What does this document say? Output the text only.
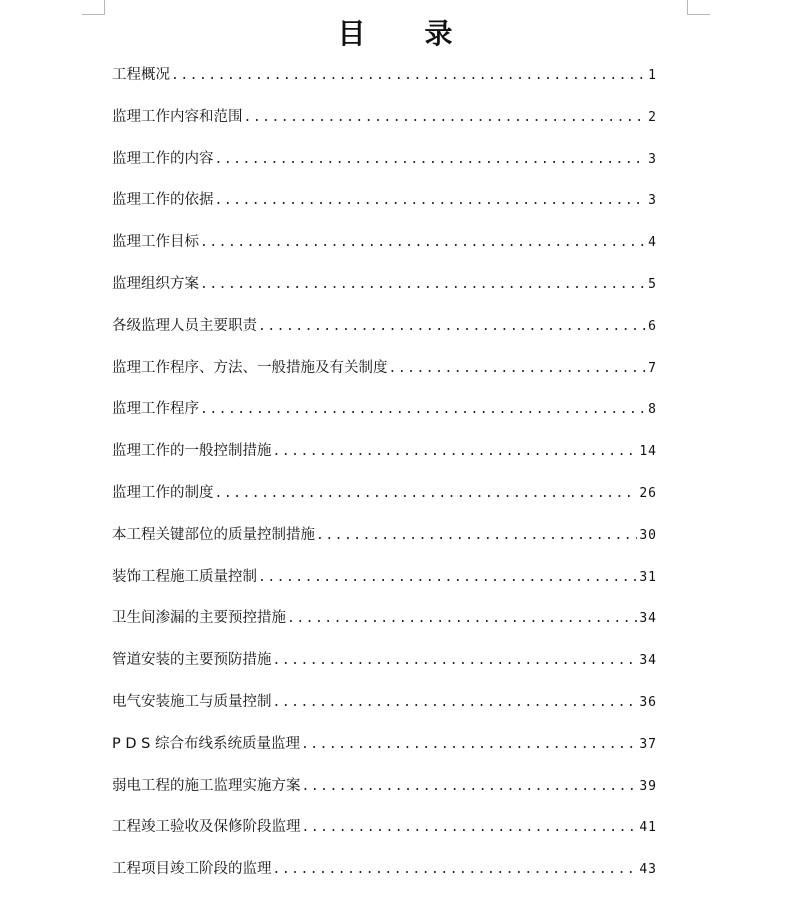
目　　录
工程概况 .....	1
监理工作内容和范围 .....	2
监理工作的内容 .....	3
监理工作的依据 .....	3
监理工作目标 .....	4
监理组织方案 .....	5
各级监理人员主要职责 .....	6
监理工作程序、方法、一般措施及有关制度 .....	7
监理工作程序 .....	8
监理工作的一般控制措施 .....	14
监理工作的制度 .....	26
本工程关键部位的质量控制措施 .....	30
装饰工程施工质量控制 .....	31
卫生间渗漏的主要预控措施 .....	34
管道安装的主要预防措施 .....	34
电气安装施工与质量控制 .....	36
P D S 综合布线系统质量监理 .....	37
弱电工程的施工监理实施方案 .....	39
工程竣工验收及保修阶段监理 .....	41
工程项目竣工阶段的监理 .....	43
